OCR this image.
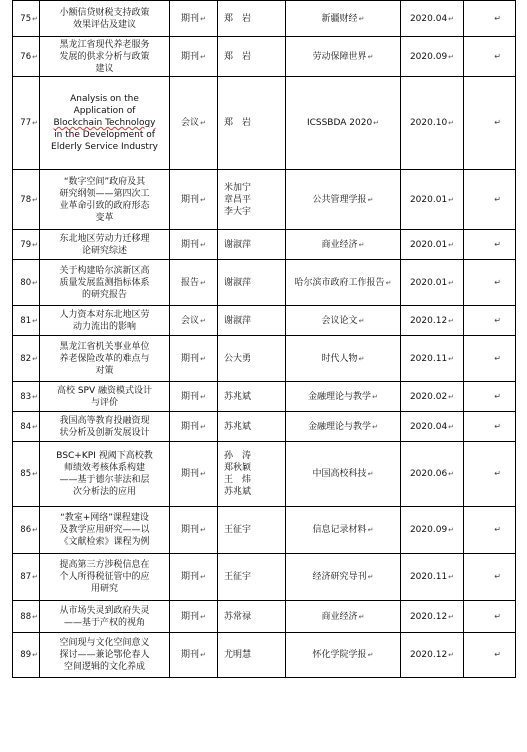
75↵	小额信贷财税支持政策
效果评估及建议	期刊↵	郑　岩	新疆财经↵	2020.04↵	↵
76↵	黑龙江省现代养老服务
发展的供求分析与政策
建议	期刊↵	郑　岩	劳动保障世界↵	2020.09↵	↵
77↵	Analysis on the
Application of
Blockchain Technology
in the Development of
Elderly Service Industry	会议↵	郑　岩	ICSSBDA 2020↵	2020.10↵	↵
78↵	“数字空间”政府及其
研究纲领——第四次工
业革命引致的政府形态
变革	期刊↵	米加宁
章昌平
李大宇	公共管理学报↵	2020.01↵	↵
79↵	东北地区劳动力迁移理
论研究综述	期刊↵	谢淑萍	商业经济↵	2020.01↵	↵
80↵	关于构建哈尔滨新区高
质量发展监测指标体系
的研究报告	报告↵	谢淑萍	哈尔滨市政府工作报告↵	2020.01↵	↵
81↵	人力资本对东北地区劳
动力流出的影响	会议↵	谢淑萍	会议论文↵	2020.12↵	↵
82↵	黑龙江省机关事业单位
养老保险改革的难点与
对策	期刊↵	公大勇	时代人物↵	2020.11↵	↵
83↵	高校 SPV 融资模式设计
与评价	期刊↵	苏兆斌	金融理论与教学↵	2020.02↵	↵
84↵	我国高等教育投融资现
状分析及创新发展设计	期刊↵	苏兆斌	金融理论与教学↵	2020.04↵	↵
85↵	BSC+KPI 视阈下高校教
师绩效考核体系构建
——基于德尔菲法和层
次分析法的应用	期刊↵	孙　涛
郑秋颖
王　炜
苏兆斌	中国高校科技↵	2020.06↵	↵
86↵	“教室+网络”课程建设
及教学应用研究——以
《文献检索》课程为例	期刊↵	王征宇	信息记录材料↵	2020.09↵	↵
87↵	提高第三方涉税信息在
个人所得税征管中的应
用研究	期刊↵	王征宇	经济研究导刊↵	2020.11↵	↵
88↵	从市场失灵到政府失灵
——基于产权的视角	期刊↵	苏常禄	商业经济↵	2020.12↵	↵
89↵	空间现与文化空间意义
探讨——兼论鄂伦春人
空间逻辑的文化养成	期刊↵	尤明慧	怀化学院学报↵	2020.12↵	↵
